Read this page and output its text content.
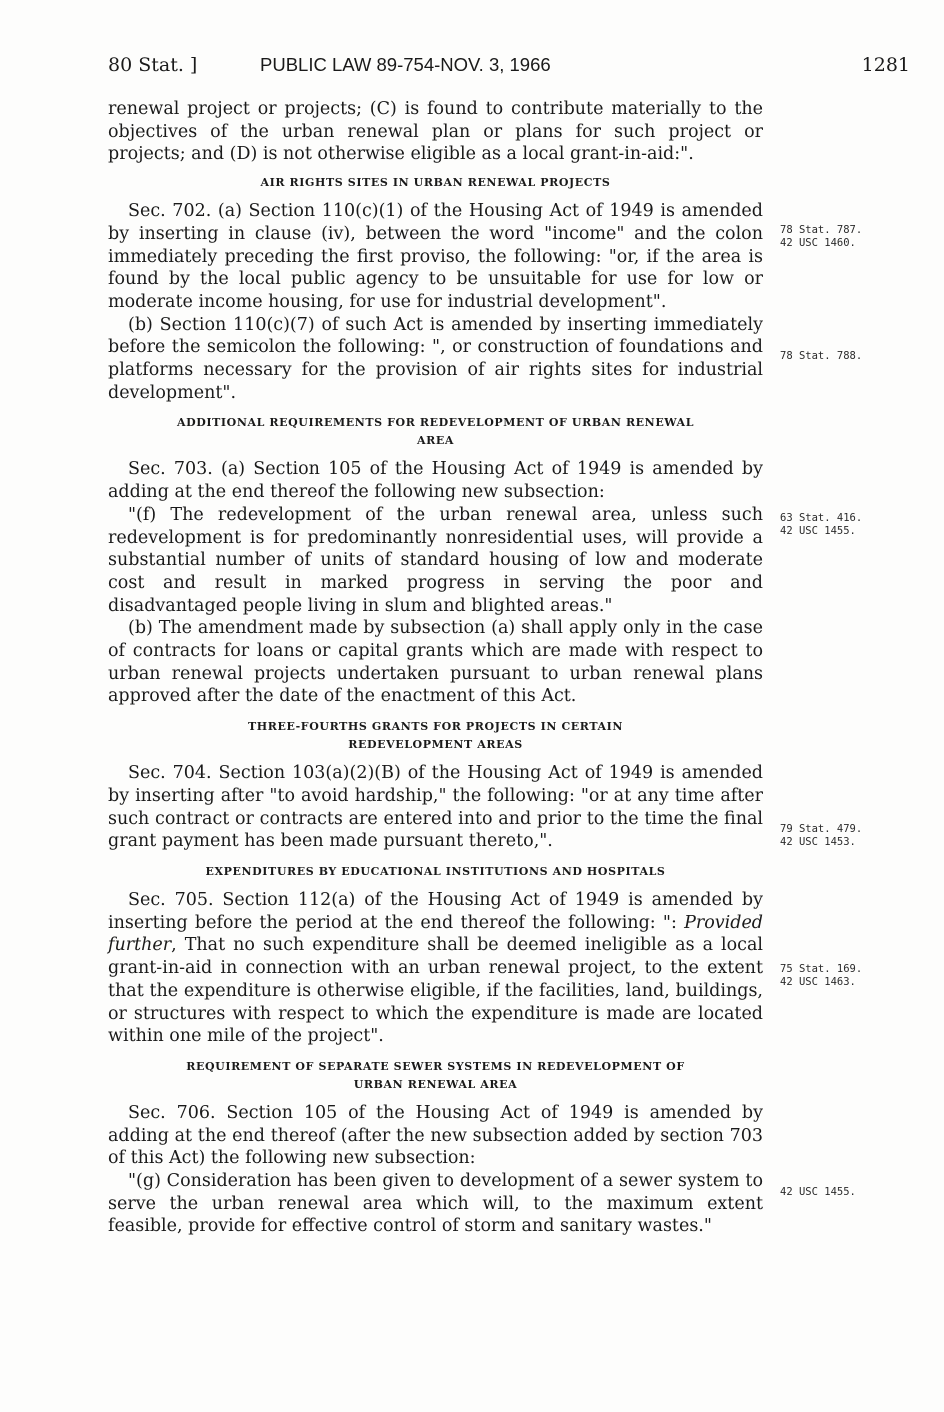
80 Stat. ]	PUBLIC LAW 89-754-NOV. 3, 1966	1281

renewal project or projects; (C) is found to contribute materially to the objectives of the urban renewal plan or plans for such project or projects; and (D) is not otherwise eligible as a local grant-in-aid:".

AIR RIGHTS SITES IN URBAN RENEWAL PROJECTS

Sec. 702. (a) Section 110(c)(1) of the Housing Act of 1949 is amended by inserting in clause (iv), between the word "income" and the colon immediately preceding the first proviso, the following: "or, if the area is found by the local public agency to be unsuitable for use for low or moderate income housing, for use for industrial development".

(b) Section 110(c)(7) of such Act is amended by inserting immediately before the semicolon the following: ", or construction of foundations and platforms necessary for the provision of air rights sites for industrial development".

ADDITIONAL REQUIREMENTS FOR REDEVELOPMENT OF URBAN RENEWAL
AREA

Sec. 703. (a) Section 105 of the Housing Act of 1949 is amended by adding at the end thereof the following new subsection:

"(f) The redevelopment of the urban renewal area, unless such redevelopment is for predominantly nonresidential uses, will provide a substantial number of units of standard housing of low and moderate cost and result in marked progress in serving the poor and disadvantaged people living in slum and blighted areas."

(b) The amendment made by subsection (a) shall apply only in the case of contracts for loans or capital grants which are made with respect to urban renewal projects undertaken pursuant to urban renewal plans approved after the date of the enactment of this Act.

THREE-FOURTHS GRANTS FOR PROJECTS IN CERTAIN
REDEVELOPMENT AREAS

Sec. 704. Section 103(a)(2)(B) of the Housing Act of 1949 is amended by inserting after "to avoid hardship," the following: "or at any time after such contract or contracts are entered into and prior to the time the final grant payment has been made pursuant thereto,".

EXPENDITURES BY EDUCATIONAL INSTITUTIONS AND HOSPITALS

Sec. 705. Section 112(a) of the Housing Act of 1949 is amended by inserting before the period at the end thereof the following: ": Provided further, That no such expenditure shall be deemed ineligible as a local grant-in-aid in connection with an urban renewal project, to the extent that the expenditure is otherwise eligible, if the facilities, land, buildings, or structures with respect to which the expenditure is made are located within one mile of the project".

REQUIREMENT OF SEPARATE SEWER SYSTEMS IN REDEVELOPMENT OF
URBAN RENEWAL AREA

Sec. 706. Section 105 of the Housing Act of 1949 is amended by adding at the end thereof (after the new subsection added by section 703 of this Act) the following new subsection:

"(g) Consideration has been given to development of a sewer system to serve the urban renewal area which will, to the maximum extent feasible, provide for effective control of storm and sanitary wastes."

78 Stat. 787.
42 USC 1460.
78 Stat. 788.
63 Stat. 416.
42 USC 1455.
79 Stat. 479.
42 USC 1453.
75 Stat. 169.
42 USC 1463.
42 USC 1455.
